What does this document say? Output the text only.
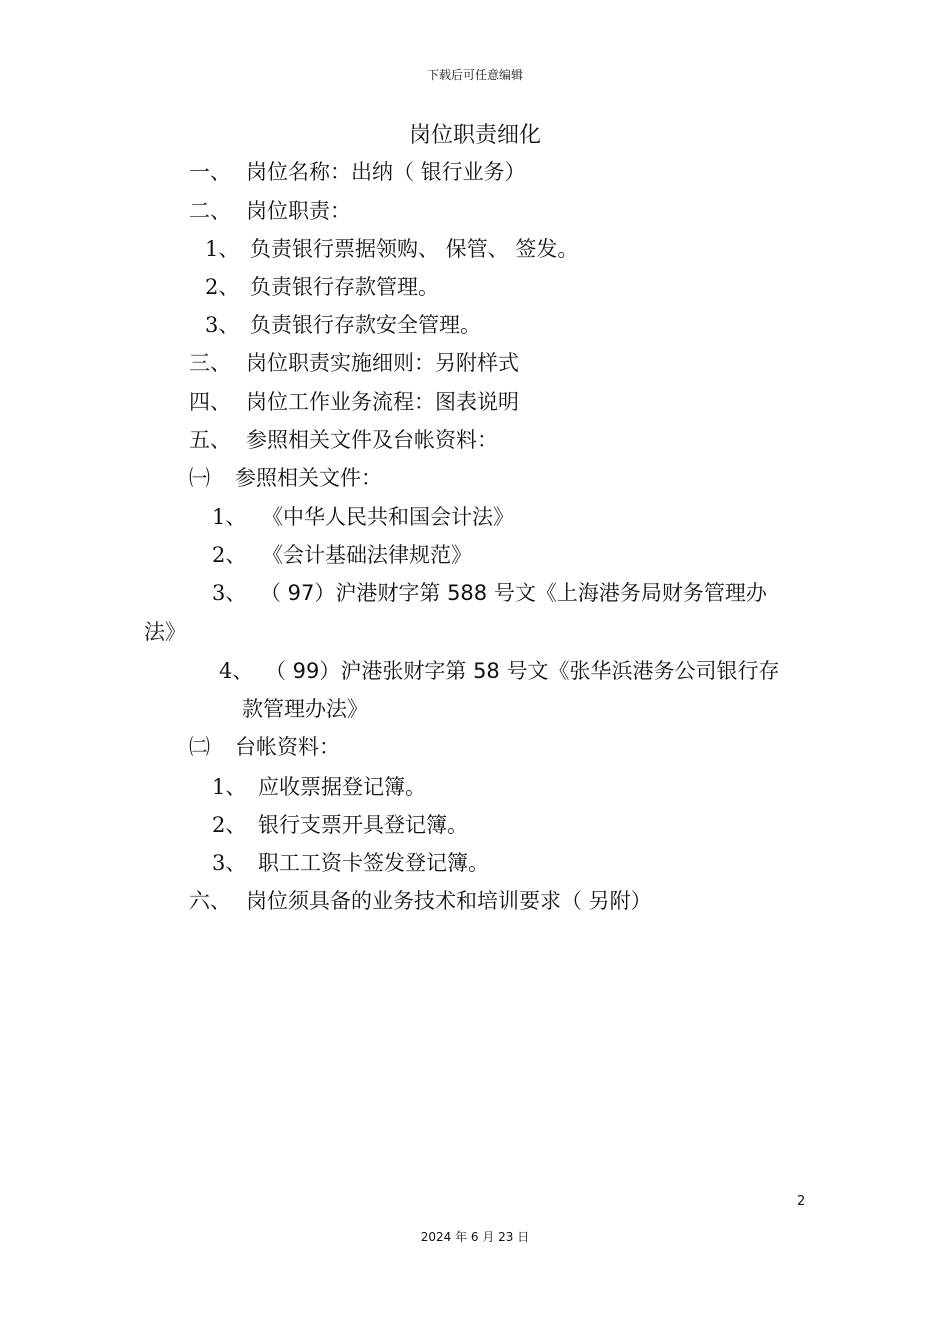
下载后可任意编辑
岗位职责细化
一、 岗位名称：出纳（ 银行业务）
二、 岗位职责：
1、 负责银行票据领购、 保管、 签发。
2、 负责银行存款管理。
3、 负责银行存款安全管理。
三、 岗位职责实施细则：另附样式
四、 岗位工作业务流程：图表说明
五、 参照相关文件及台帐资料：
㈠ 参照相关文件：
1、 《中华人民共和国会计法》
2、 《会计基础法律规范》
3、 （ 97）沪港财字第 588 号文《上海港务局财务管理办
法》
4、 （ 99）沪港张财字第 58 号文《张华浜港务公司银行存
款管理办法》
㈡ 台帐资料：
1、 应收票据登记簿。
2、 银行支票开具登记簿。
3、 职工工资卡签发登记簿。
六、 岗位须具备的业务技术和培训要求（ 另附）
2
2024 年 6 月 23 日
